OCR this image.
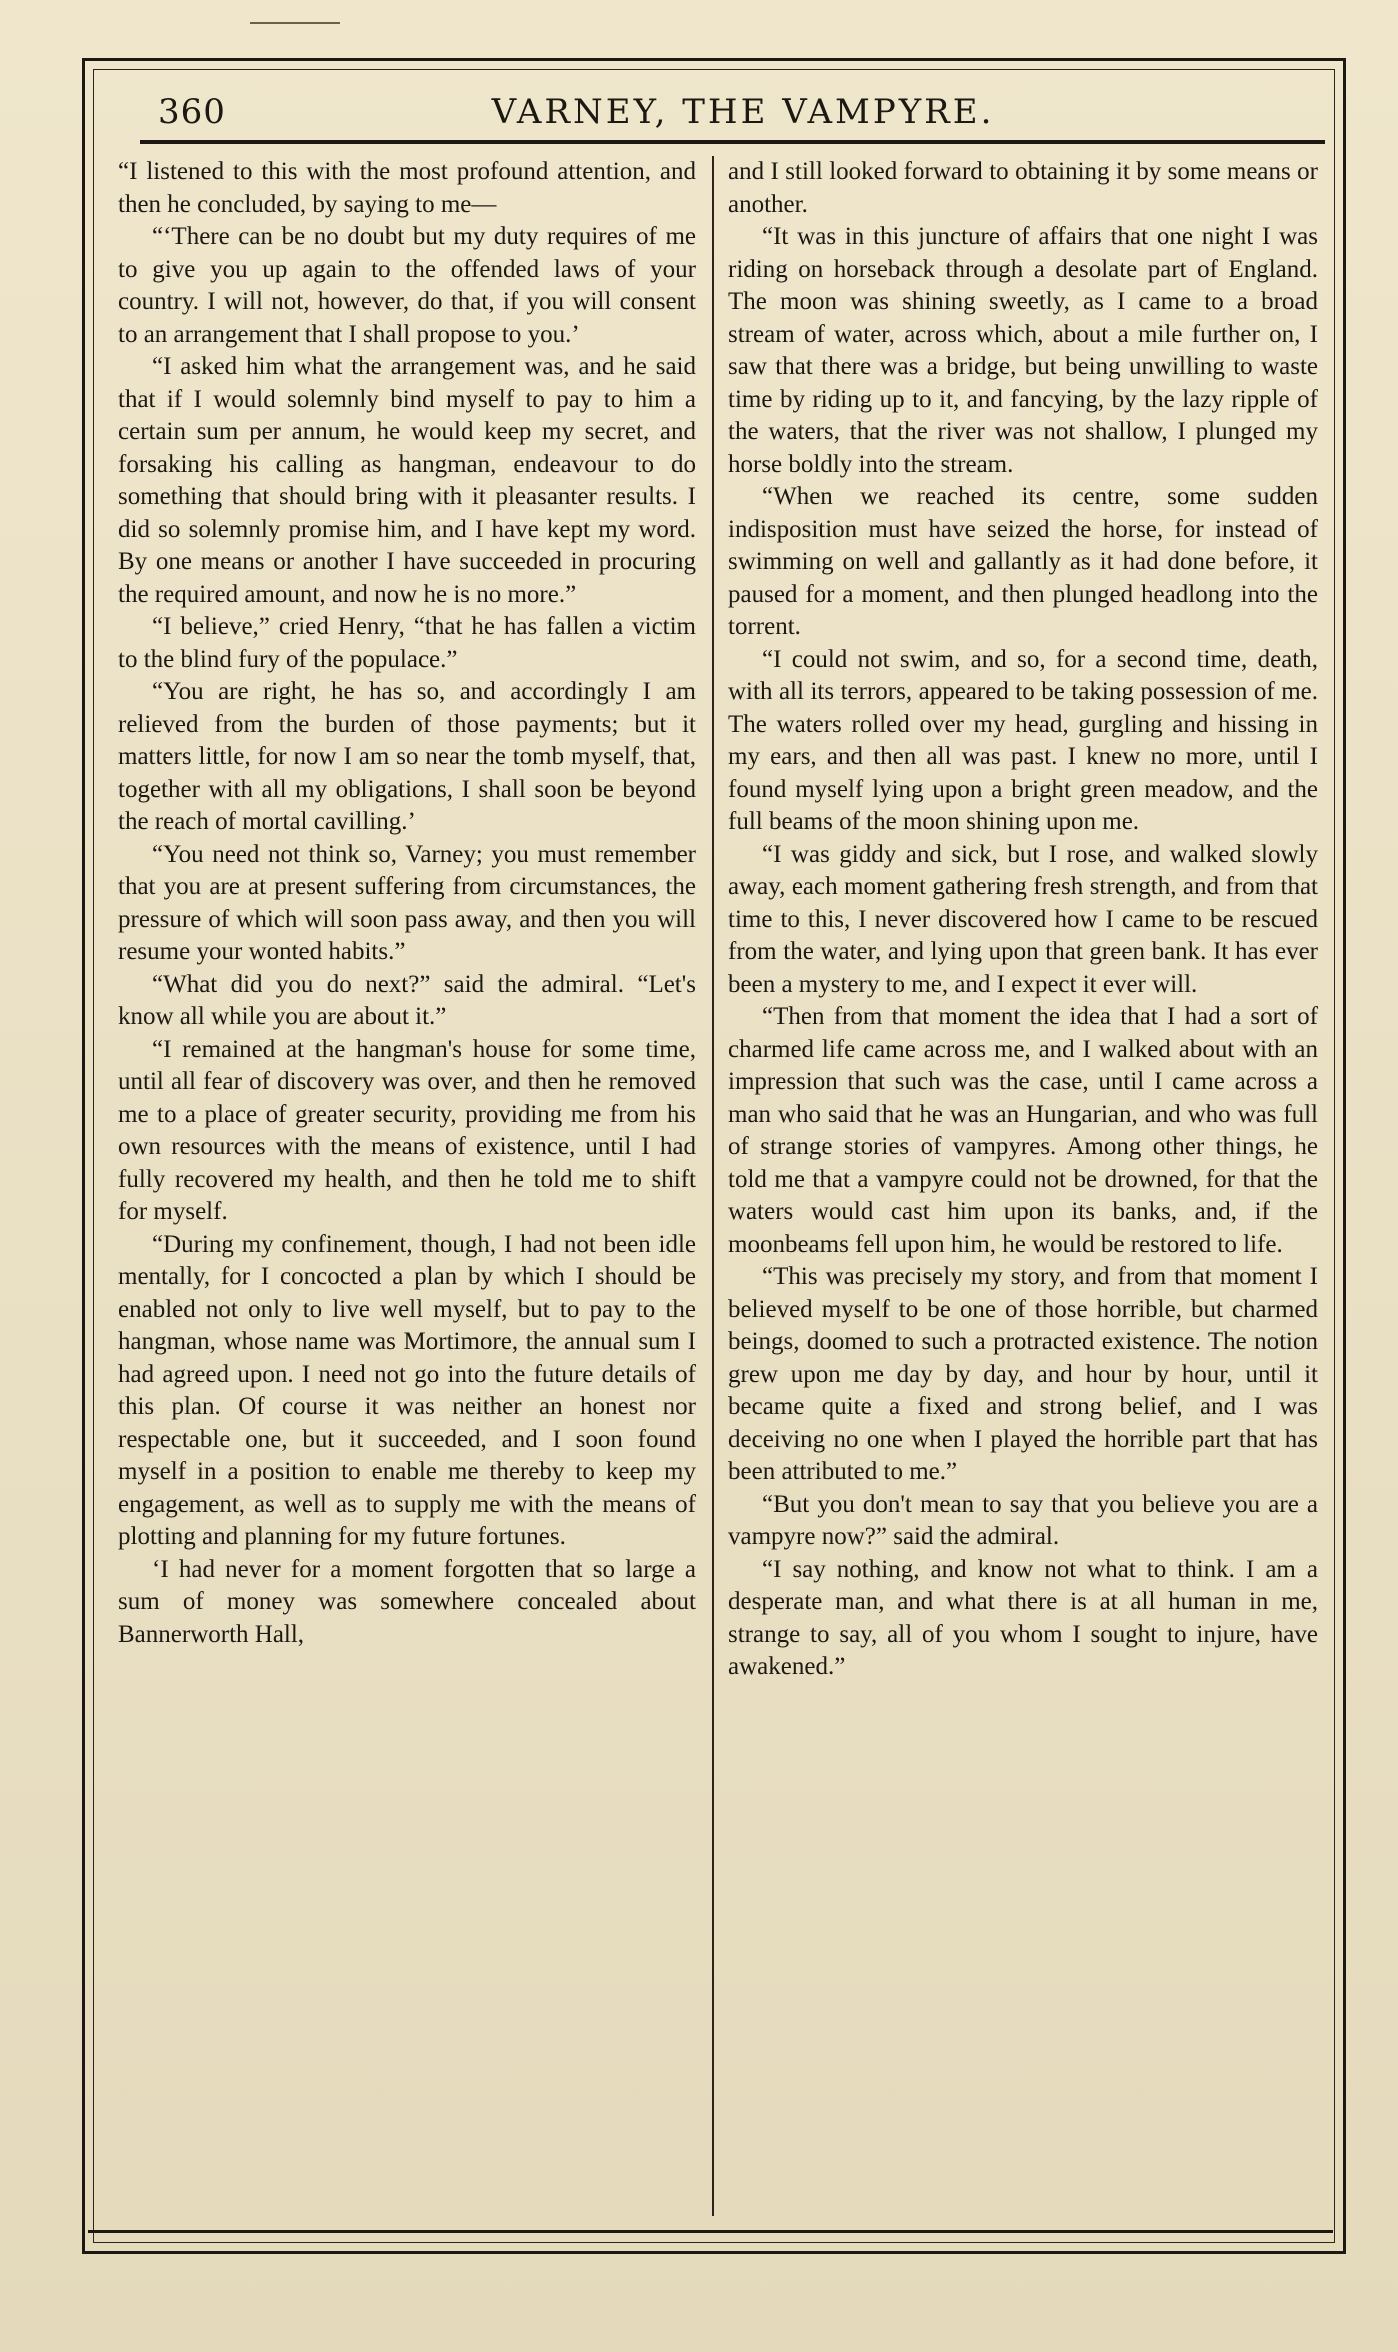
360	VARNEY, THE VAMPYRE.

“I listened to this with the most profound attention, and then he concluded, by saying to me—

“‘There can be no doubt but my duty requires of me to give you up again to the offended laws of your country. I will not, however, do that, if you will consent to an arrangement that I shall propose to you.’

“I asked him what the arrangement was, and he said that if I would solemnly bind myself to pay to him a certain sum per annum, he would keep my secret, and forsaking his calling as hangman, endeavour to do something that should bring with it pleasanter results. I did so solemnly promise him, and I have kept my word. By one means or another I have succeeded in procuring the required amount, and now he is no more.”

“I believe,” cried Henry, “that he has fallen a victim to the blind fury of the populace.”

“You are right, he has so, and accordingly I am relieved from the burden of those payments; but it matters little, for now I am so near the tomb myself, that, together with all my obligations, I shall soon be beyond the reach of mortal cavilling.’

“You need not think so, Varney; you must remember that you are at present suffering from circumstances, the pressure of which will soon pass away, and then you will resume your wonted habits.”

“What did you do next?” said the admiral. “Let's know all while you are about it.”

“I remained at the hangman's house for some time, until all fear of discovery was over, and then he removed me to a place of greater security, providing me from his own resources with the means of existence, until I had fully recovered my health, and then he told me to shift for myself.

“During my confinement, though, I had not been idle mentally, for I concocted a plan by which I should be enabled not only to live well myself, but to pay to the hangman, whose name was Mortimore, the annual sum I had agreed upon. I need not go into the future details of this plan. Of course it was neither an honest nor respectable one, but it succeeded, and I soon found myself in a position to enable me thereby to keep my engagement, as well as to supply me with the means of plotting and planning for my future fortunes.

‘I had never for a moment forgotten that so large a sum of money was somewhere concealed about Bannerworth Hall,

and I still looked forward to obtaining it by some means or another.

“It was in this juncture of affairs that one night I was riding on horseback through a desolate part of England. The moon was shining sweetly, as I came to a broad stream of water, across which, about a mile further on, I saw that there was a bridge, but being unwilling to waste time by riding up to it, and fancying, by the lazy ripple of the waters, that the river was not shallow, I plunged my horse boldly into the stream.

“When we reached its centre, some sudden indisposition must have seized the horse, for instead of swimming on well and gallantly as it had done before, it paused for a moment, and then plunged headlong into the torrent.

“I could not swim, and so, for a second time, death, with all its terrors, appeared to be taking possession of me. The waters rolled over my head, gurgling and hissing in my ears, and then all was past. I knew no more, until I found myself lying upon a bright green meadow, and the full beams of the moon shining upon me.

“I was giddy and sick, but I rose, and walked slowly away, each moment gathering fresh strength, and from that time to this, I never discovered how I came to be rescued from the water, and lying upon that green bank. It has ever been a mystery to me, and I expect it ever will.

“Then from that moment the idea that I had a sort of charmed life came across me, and I walked about with an impression that such was the case, until I came across a man who said that he was an Hungarian, and who was full of strange stories of vampyres. Among other things, he told me that a vampyre could not be drowned, for that the waters would cast him upon its banks, and, if the moonbeams fell upon him, he would be restored to life.

“This was precisely my story, and from that moment I believed myself to be one of those horrible, but charmed beings, doomed to such a protracted existence. The notion grew upon me day by day, and hour by hour, until it became quite a fixed and strong belief, and I was deceiving no one when I played the horrible part that has been attributed to me.”

“But you don't mean to say that you believe you are a vampyre now?” said the admiral.

“I say nothing, and know not what to think. I am a desperate man, and what there is at all human in me, strange to say, all of you whom I sought to injure, have awakened.”
